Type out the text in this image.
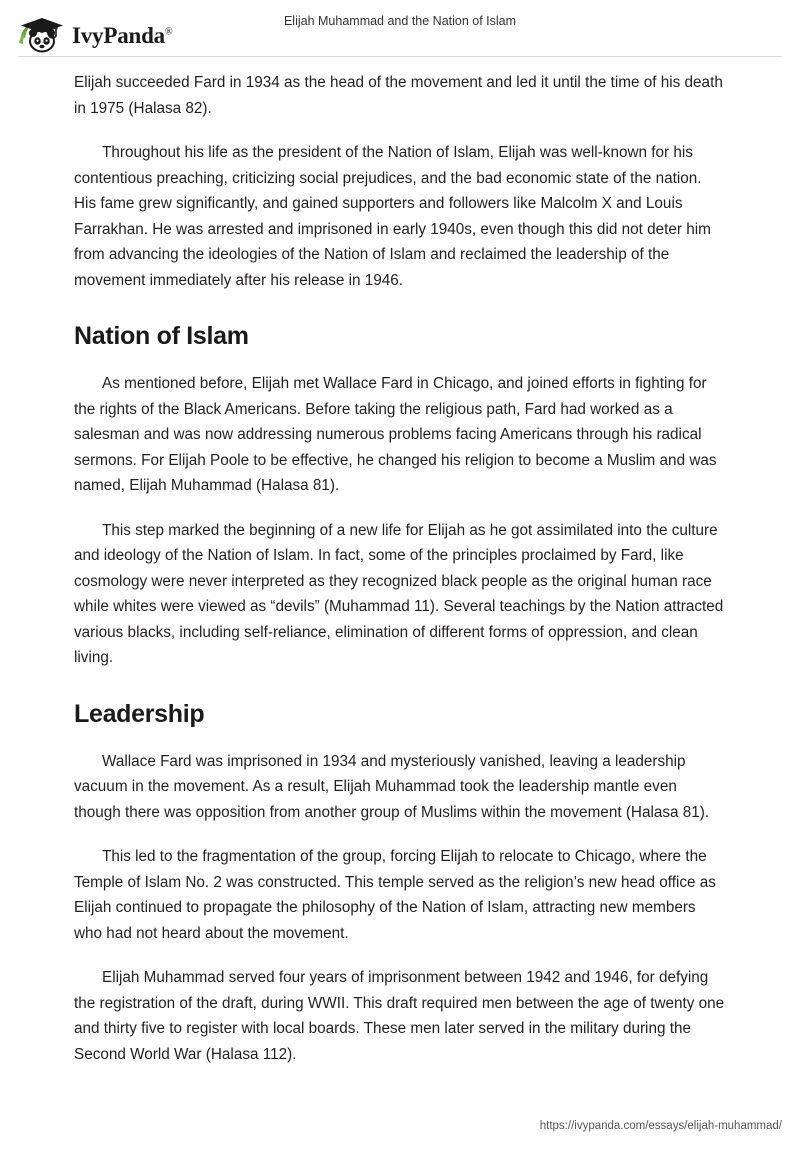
IvyPanda®
Elijah Muhammad and the Nation of Islam

Elijah succeeded Fard in 1934 as the head of the movement and led it until the time of his death in 1975 (Halasa 82).

Throughout his life as the president of the Nation of Islam, Elijah was well-known for his contentious preaching, criticizing social prejudices, and the bad economic state of the nation. His fame grew significantly, and gained supporters and followers like Malcolm X and Louis Farrakhan. He was arrested and imprisoned in early 1940s, even though this did not deter him from advancing the ideologies of the Nation of Islam and reclaimed the leadership of the movement immediately after his release in 1946.

Nation of Islam

As mentioned before, Elijah met Wallace Fard in Chicago, and joined efforts in fighting for the rights of the Black Americans. Before taking the religious path, Fard had worked as a salesman and was now addressing numerous problems facing Americans through his radical sermons. For Elijah Poole to be effective, he changed his religion to become a Muslim and was named, Elijah Muhammad (Halasa 81).

This step marked the beginning of a new life for Elijah as he got assimilated into the culture and ideology of the Nation of Islam. In fact, some of the principles proclaimed by Fard, like cosmology were never interpreted as they recognized black people as the original human race while whites were viewed as “devils” (Muhammad 11). Several teachings by the Nation attracted various blacks, including self-reliance, elimination of different forms of oppression, and clean living.

Leadership

Wallace Fard was imprisoned in 1934 and mysteriously vanished, leaving a leadership vacuum in the movement. As a result, Elijah Muhammad took the leadership mantle even though there was opposition from another group of Muslims within the movement (Halasa 81).

This led to the fragmentation of the group, forcing Elijah to relocate to Chicago, where the Temple of Islam No. 2 was constructed. This temple served as the religion’s new head office as Elijah continued to propagate the philosophy of the Nation of Islam, attracting new members who had not heard about the movement.

Elijah Muhammad served four years of imprisonment between 1942 and 1946, for defying the registration of the draft, during WWII. This draft required men between the age of twenty one and thirty five to register with local boards. These men later served in the military during the Second World War (Halasa 112).

https://ivypanda.com/essays/elijah-muhammad/
